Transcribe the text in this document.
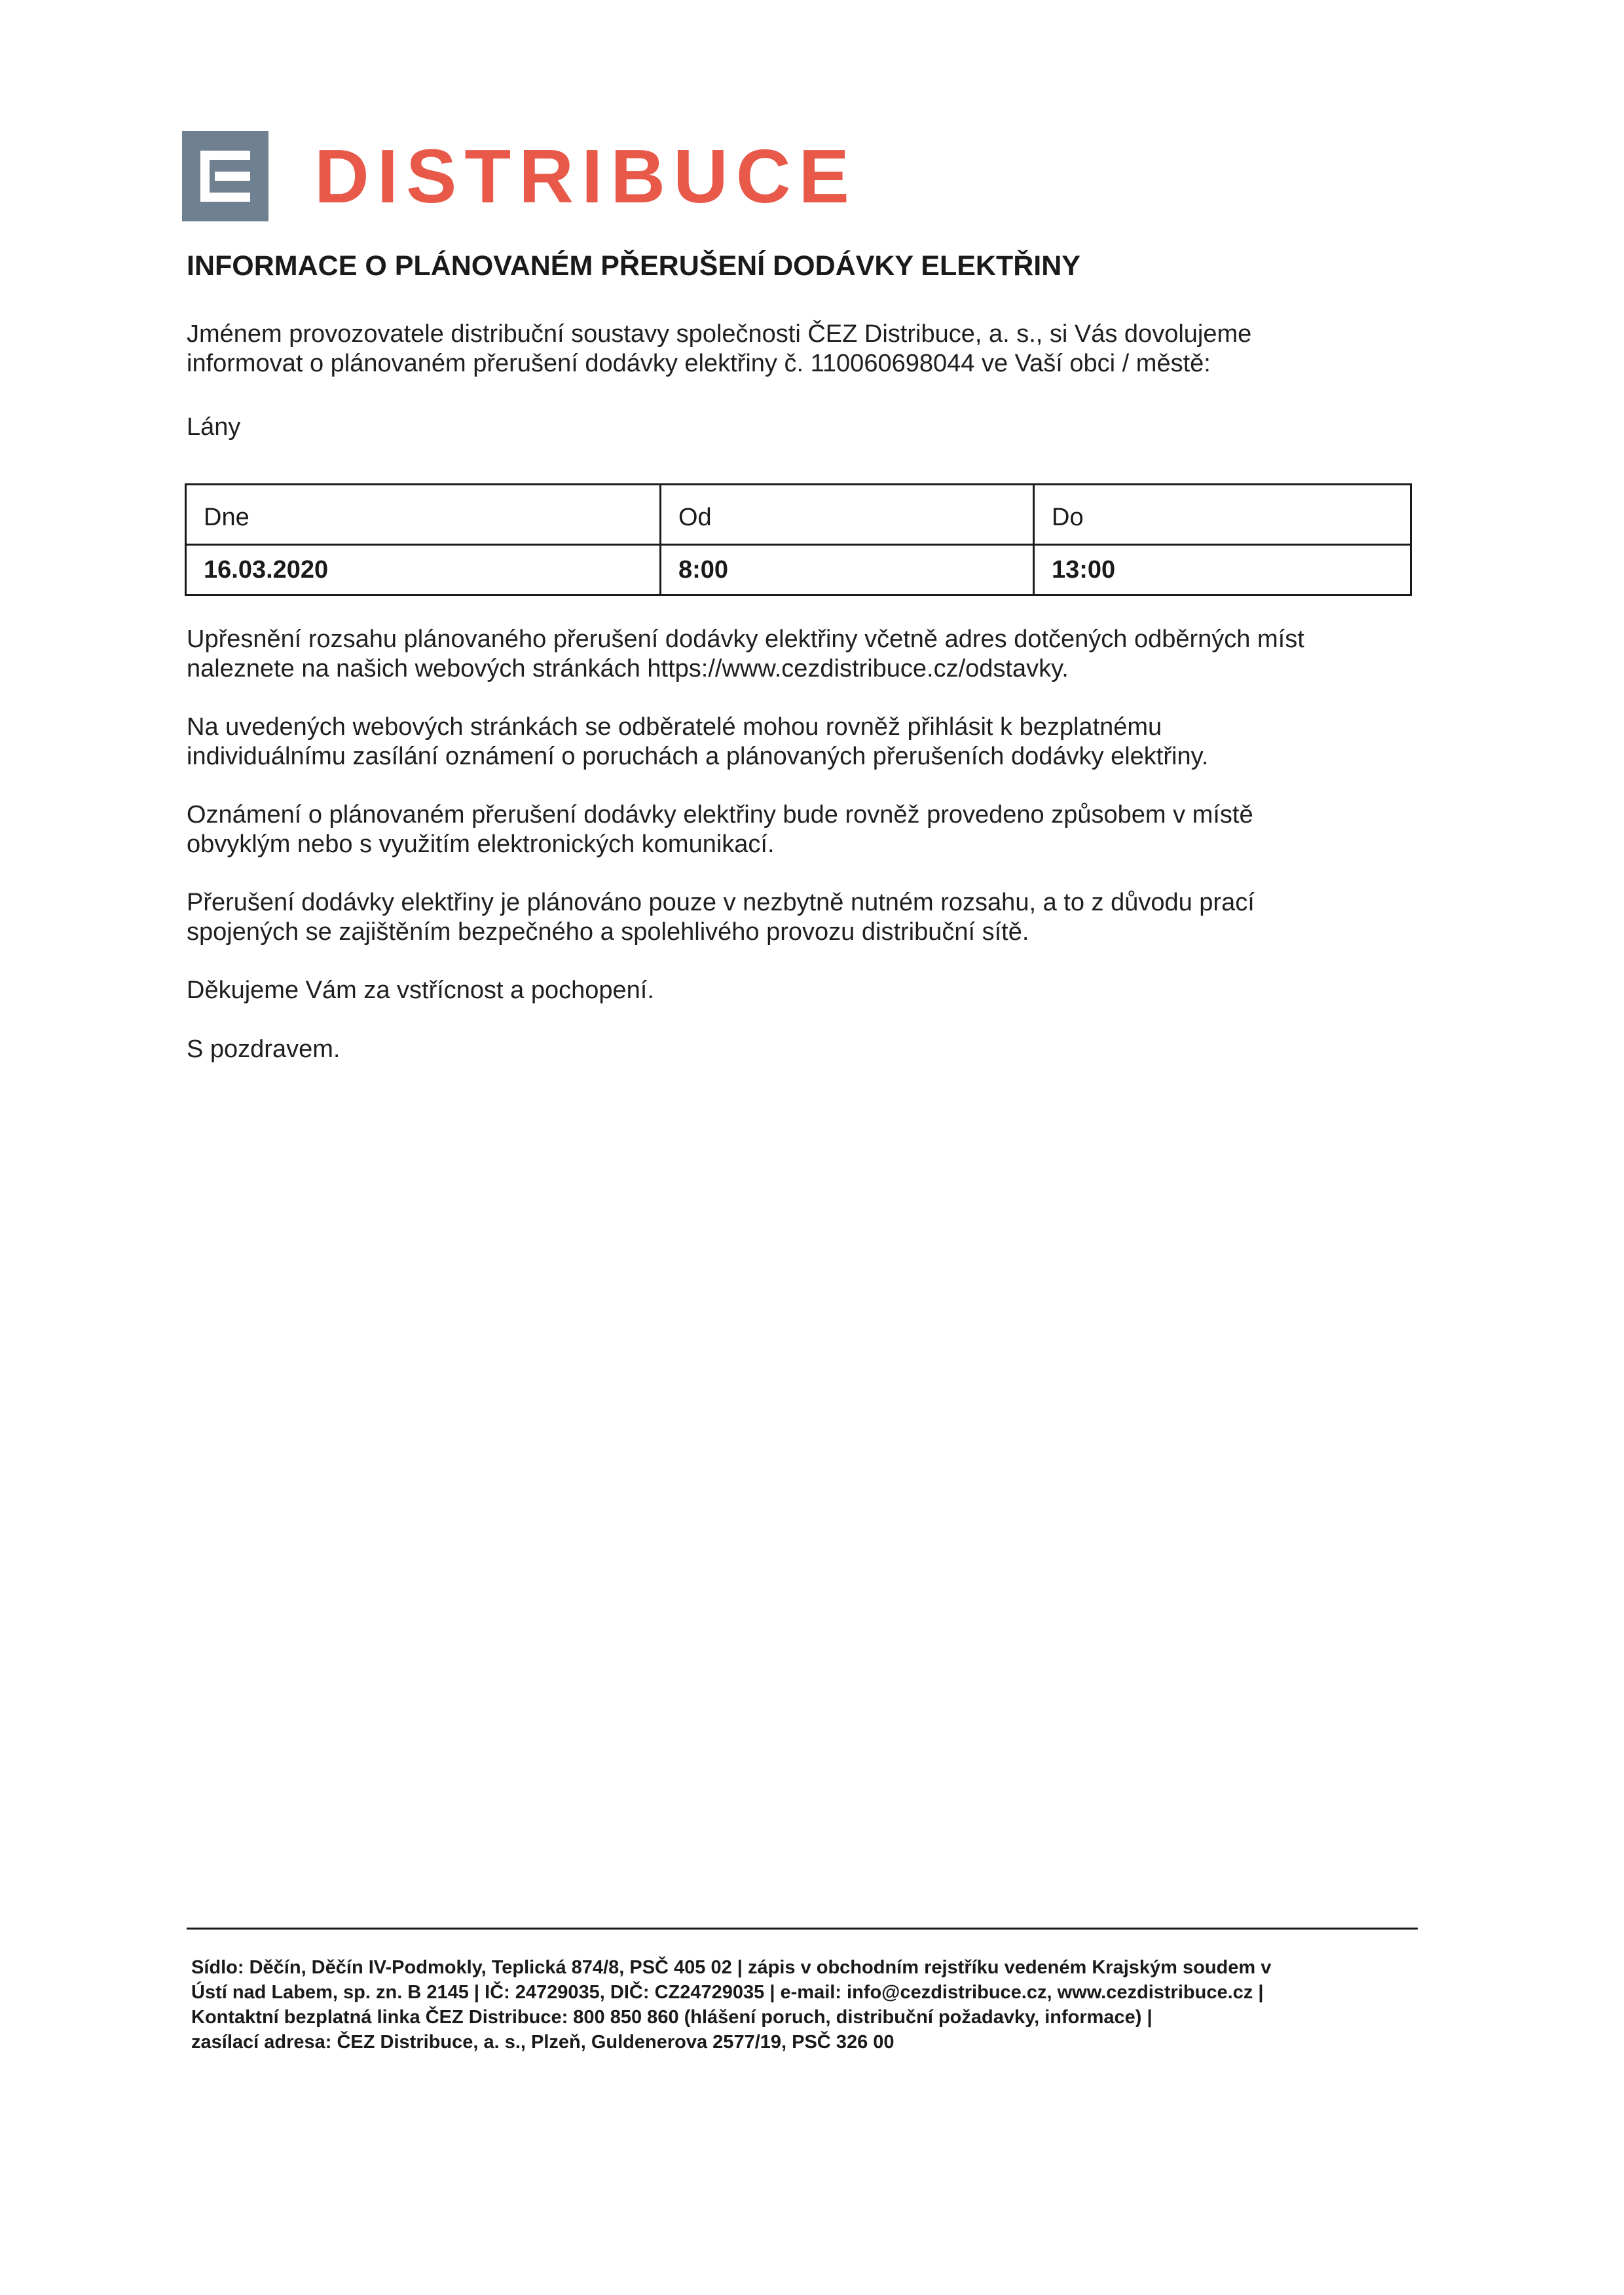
DISTRIBUCE
INFORMACE O PLÁNOVANÉM PŘERUŠENÍ DODÁVKY ELEKTŘINY

Jménem provozovatele distribuční soustavy společnosti ČEZ Distribuce, a. s., si Vás dovolujeme
informovat o plánovaném přerušení dodávky elektřiny č. 110060698044 ve Vaší obci / městě:

Lány

Dne
16.03.2020
Od
8:00
Do
13:00

Upřesnění rozsahu plánovaného přerušení dodávky elektřiny včetně adres dotčených odběrných míst
naleznete na našich webových stránkách https://www.cezdistribuce.cz/odstavky.

Na uvedených webových stránkách se odběratelé mohou rovněž přihlásit k bezplatnému
individuálnímu zasílání oznámení o poruchách a plánovaných přerušeních dodávky elektřiny.

Oznámení o plánovaném přerušení dodávky elektřiny bude rovněž provedeno způsobem v místě
obvyklým nebo s využitím elektronických komunikací.

Přerušení dodávky elektřiny je plánováno pouze v nezbytně nutném rozsahu, a to z důvodu prací
spojených se zajištěním bezpečného a spolehlivého provozu distribuční sítě.

Děkujeme Vám za vstřícnost a pochopení.

S pozdravem.

Sídlo: Děčín, Děčín IV-Podmokly, Teplická 874/8, PSČ 405 02 | zápis v obchodním rejstříku vedeném Krajským soudem v
Ústí nad Labem, sp. zn. B 2145 | IČ: 24729035, DIČ: CZ24729035 | e-mail: info@cezdistribuce.cz, www.cezdistribuce.cz |
Kontaktní bezplatná linka ČEZ Distribuce: 800 850 860 (hlášení poruch, distribuční požadavky, informace) |
zasílací adresa: ČEZ Distribuce, a. s., Plzeň, Guldenerova 2577/19, PSČ 326 00
